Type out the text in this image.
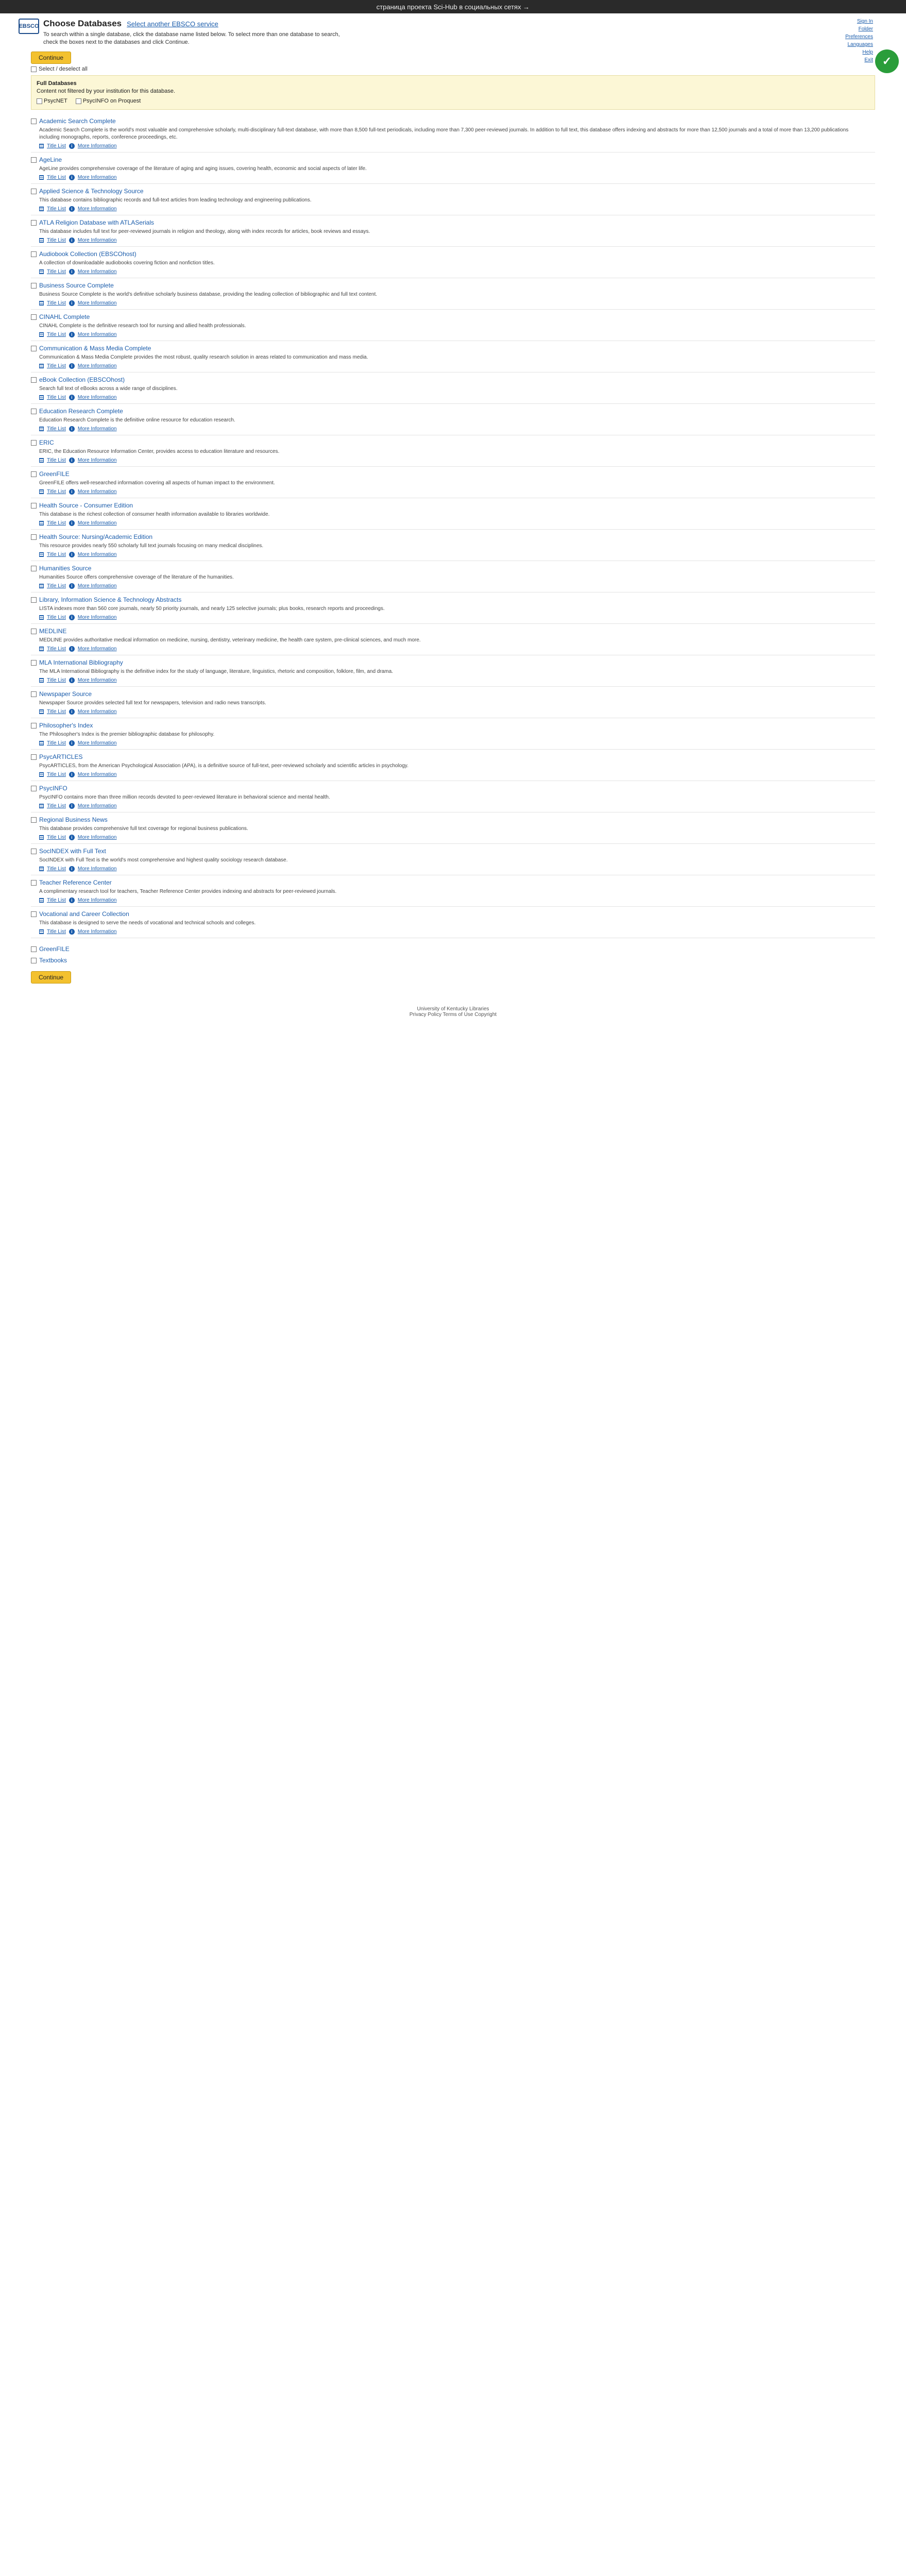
страница проекта Sci-Hub в социальных сетях →
EBSCO Choose Databases Select another EBSCO service
To search within a single database, click the database name listed below. To select more than one database to search,
check the boxes next to the databases and click Continue.
Sign In
Folder
Preferences
Languages
Help
Exit ✓
Continue
Select / deselect all
Full Databases
Content not filtered by your institution for this database.
PsycNET	PsycINFO on Proquest
Academic Search Complete
Academic Search Complete is the world's most valuable and comprehensive scholarly, multi-disciplinary full-text database, with more than 8,500 full-text periodicals, including more than 7,300 peer-reviewed journals. In addition to full text, this database offers indexing and abstracts for more than 12,500 journals and a total of more than 13,200 publications including monographs, reports, conference proceedings, etc.
Title List	i	More Information
AgeLine
AgeLine provides comprehensive coverage of the literature of aging and aging issues, covering health, economic and social aspects of later life.
Title List	i	More Information
Applied Science & Technology Source
This database contains bibliographic records and full-text articles from leading technology and engineering publications.
Title List	i	More Information
ATLA Religion Database with ATLASerials
This database includes full text for peer-reviewed journals in religion and theology, along with index records for articles, book reviews and essays.
Title List	i	More Information
Audiobook Collection (EBSCOhost)
A collection of downloadable audiobooks covering fiction and nonfiction titles.
Title List	i	More Information
Business Source Complete
Business Source Complete is the world's definitive scholarly business database, providing the leading collection of bibliographic and full text content.
Title List	i	More Information
CINAHL Complete
CINAHL Complete is the definitive research tool for nursing and allied health professionals.
Title List	i	More Information
Communication & Mass Media Complete
Communication & Mass Media Complete provides the most robust, quality research solution in areas related to communication and mass media.
Title List	i	More Information
eBook Collection (EBSCOhost)
Search full text of eBooks across a wide range of disciplines.
Title List	i	More Information
Education Research Complete
Education Research Complete is the definitive online resource for education research.
Title List	i	More Information
ERIC
ERIC, the Education Resource Information Center, provides access to education literature and resources.
Title List	i	More Information
GreenFILE
GreenFILE offers well-researched information covering all aspects of human impact to the environment.
Title List	i	More Information
Health Source - Consumer Edition
This database is the richest collection of consumer health information available to libraries worldwide.
Title List	i	More Information
Health Source: Nursing/Academic Edition
This resource provides nearly 550 scholarly full text journals focusing on many medical disciplines.
Title List	i	More Information
Humanities Source
Humanities Source offers comprehensive coverage of the literature of the humanities.
Title List	i	More Information
Library, Information Science & Technology Abstracts
LISTA indexes more than 560 core journals, nearly 50 priority journals, and nearly 125 selective journals; plus books, research reports and proceedings.
Title List	i	More Information
MEDLINE
MEDLINE provides authoritative medical information on medicine, nursing, dentistry, veterinary medicine, the health care system, pre-clinical sciences, and much more.
Title List	i	More Information
MLA International Bibliography
The MLA International Bibliography is the definitive index for the study of language, literature, linguistics, rhetoric and composition, folklore, film, and drama.
Title List	i	More Information
Newspaper Source
Newspaper Source provides selected full text for newspapers, television and radio news transcripts.
Title List	i	More Information
Philosopher's Index
The Philosopher's Index is the premier bibliographic database for philosophy.
Title List	i	More Information
PsycARTICLES
PsycARTICLES, from the American Psychological Association (APA), is a definitive source of full-text, peer-reviewed scholarly and scientific articles in psychology.
Title List	i	More Information
PsycINFO
PsycINFO contains more than three million records devoted to peer-reviewed literature in behavioral science and mental health.
Title List	i	More Information
Regional Business News
This database provides comprehensive full text coverage for regional business publications.
Title List	i	More Information
SocINDEX with Full Text
SocINDEX with Full Text is the world's most comprehensive and highest quality sociology research database.
Title List	i	More Information
Teacher Reference Center
A complimentary research tool for teachers, Teacher Reference Center provides indexing and abstracts for peer-reviewed journals.
Title List	i	More Information
Vocational and Career Collection
This database is designed to serve the needs of vocational and technical schools and colleges.
Title List	i	More Information
GreenFILE
Textbooks
Continue
University of Kentucky Libraries
Privacy Policy Terms of Use Copyright
